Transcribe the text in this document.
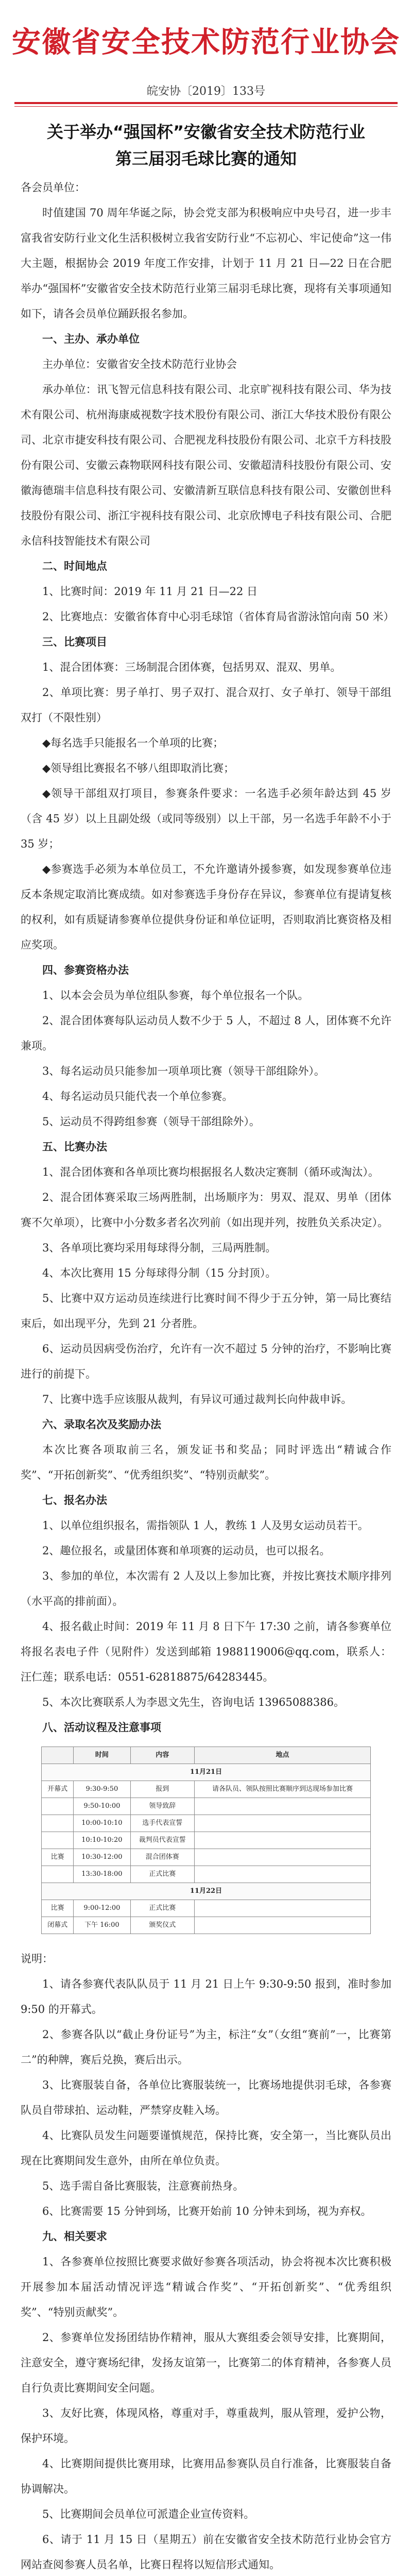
安徽省安全技术防范行业协会
皖安协〔2019〕133号
关于举办“强国杯”安徽省安全技术防范行业
第三届羽毛球比赛的通知

各会员单位：

时值建国 70 周年华诞之际，协会党支部为积极响应中央号召，进一步丰富我省安防行业文化生活积极树立我省安防行业“不忘初心、牢记使命”这一伟大主题，根据协会 2019 年度工作安排，计划于 11 月 21 日—22 日在合肥举办“强国杯”安徽省安全技术防范行业第三届羽毛球比赛，现将有关事项通知如下，请各会员单位踊跃报名参加。

一、主办、承办单位

主办单位：安徽省安全技术防范行业协会

承办单位：讯飞智元信息科技有限公司、北京旷视科技有限公司、华为技术有限公司、杭州海康威视数字技术股份有限公司、浙江大华技术股份有限公司、北京市捷安科技有限公司、合肥视龙科技股份有限公司、北京千方科技股份有限公司、安徽云森物联网科技有限公司、安徽超清科技股份有限公司、安徽海德瑞丰信息科技有限公司、安徽清新互联信息科技有限公司、安徽创世科技股份有限公司、浙江宇视科技有限公司、北京欣博电子科技有限公司、合肥永信科技智能技术有限公司

二、时间地点

1、比赛时间：2019 年 11 月 21 日—22 日

2、比赛地点：安徽省体育中心羽毛球馆（省体育局省游泳馆向南 50 米）

三、比赛项目

1、混合团体赛：三场制混合团体赛，包括男双、混双、男单。

2、单项比赛：男子单打、男子双打、混合双打、女子单打、领导干部组双打（不限性别）

◆每名选手只能报名一个单项的比赛；

◆领导组比赛报名不够八组即取消比赛；

◆领导干部组双打项目，参赛条件要求：一名选手必须年龄达到 45 岁（含 45 岁）以上且副处级（或同等级别）以上干部，另一名选手年龄不小于 35 岁；

◆参赛选手必须为本单位员工，不允许邀请外援参赛，如发现参赛单位违反本条规定取消比赛成绩。如对参赛选手身份存在异议，参赛单位有提请复核的权利，如有质疑请参赛单位提供身份证和单位证明，否则取消比赛资格及相应奖项。

四、参赛资格办法

1、以本会会员为单位组队参赛，每个单位报名一个队。

2、混合团体赛每队运动员人数不少于 5 人，不超过 8 人，团体赛不允许兼项。

3、每名运动员只能参加一项单项比赛（领导干部组除外）。

4、每名运动员只能代表一个单位参赛。

5、运动员不得跨组参赛（领导干部组除外）。

五、比赛办法

1、混合团体赛和各单项比赛均根据报名人数决定赛制（循环或淘汰）。

2、混合团体赛采取三场两胜制，出场顺序为：男双、混双、男单（团体赛不欠单项），比赛中小分数多者名次列前（如出现并列，按胜负关系决定）。

3、各单项比赛均采用每球得分制，三局两胜制。

4、本次比赛用 15 分每球得分制（15 分封顶）。

5、比赛中双方运动员连续进行比赛时间不得少于五分钟，第一局比赛结束后，如出现平分，先到 21 分者胜。

6、运动员因病受伤治疗，允许有一次不超过 5 分钟的治疗，不影响比赛进行的前提下。

7、比赛中选手应该服从裁判，有异议可通过裁判长向仲裁申诉。

六、录取名次及奖励办法

本次比赛各项取前三名，颁发证书和奖品；同时评选出“精诚合作奖”、“开拓创新奖”、“优秀组织奖”、“特别贡献奖”。

七、报名办法

1、以单位组织报名，需指领队 1 人，教练 1 人及男女运动员若干。

2、趣位报名，或量团体赛和单项赛的运动员，也可以报名。

3、参加的单位，本次需有 2 人及以上参加比赛，并按比赛技术顺序排列（水平高的排前面）。

4、报名截止时间：2019 年 11 月 8 日下午 17:30 之前，请各参赛单位将报名表电子件（见附件）发送到邮箱 1988119006@qq.com，联系人：汪仁莲；联系电话：0551-62818875/64283445。

5、本次比赛联系人为李恩文先生，咨询电话 13965088386。

八、活动议程及注意事项

	时间	内容	地点
11月21日			
开幕式	9:30-9:50	报到	请各队员、领队按照比赛顺序到达现场参加比赛
	9:50-10:00	领导致辞	
	10:00-10:10	选手代表宣誓	
	10:10-10:20	裁判员代表宣誓	
比赛	10:30-12:00	混合团体赛	
	13:30-18:00	正式比赛	
11月22日			
比赛	9:00-12:00	正式比赛	
闭幕式	下午 16:00	颁奖仪式	

说明：

1、请各参赛代表队队员于 11 月 21 日上午 9:30-9:50 报到，准时参加 9:50 的开幕式。

2、参赛各队以“截止身份证号”为主，标注“女”（女组“赛前”一，比赛第二”的种牌，赛后兑换，赛后出示。

3、比赛服装自备，各单位比赛服装统一，比赛场地提供羽毛球，各参赛队员自带球拍、运动鞋，严禁穿皮鞋入场。

4、比赛队员发生问题要谨慎规范，保持比赛，安全第一，当比赛队员出现在比赛期间发生意外，由所在单位负责。

5、选手需自备比赛服装，注意赛前热身。

6、比赛需要 15 分钟到场，比赛开始前 10 分钟未到场，视为弃权。

九、相关要求

1、各参赛单位按照比赛要求做好参赛各项活动，协会将视本次比赛积极开展参加本届活动情况评选“精诚合作奖”、“开拓创新奖”、“优秀组织奖”、“特别贡献奖”。

2、参赛单位发扬团结协作精神，服从大赛组委会领导安排，比赛期间，注意安全，遵守赛场纪律，发扬友谊第一，比赛第二的体育精神，各参赛人员自行负责比赛期间安全问题。

3、友好比赛，体现风格，尊重对手，尊重裁判，服从管理，爱护公物，保护环境。

4、比赛期间提供比赛用球，比赛用品参赛队员自行准备，比赛服装自备协调解决。

5、比赛期间会员单位可派遣企业宣传资料。

6、请于 11 月 15 日（星期五）前在安徽省安全技术防范行业协会官方网站查阅参赛人员名单，比赛日程将以短信形式通知。
